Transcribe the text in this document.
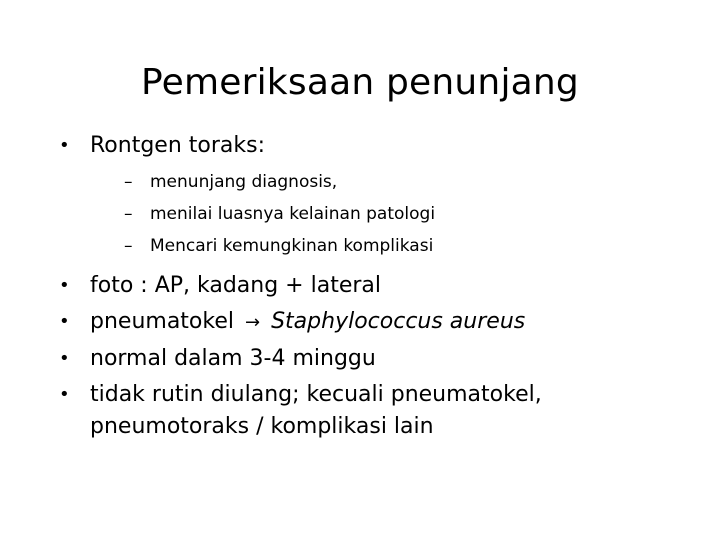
Pemeriksaan penunjang
• Rontgen toraks:
– menunjang diagnosis,
– menilai luasnya kelainan patologi
– Mencari kemungkinan komplikasi
• foto : AP, kadang + lateral
• pneumatokel → Staphylococcus aureus
• normal dalam 3-4 minggu
• tidak rutin diulang; kecuali pneumatokel,
pneumotoraks / komplikasi lain
